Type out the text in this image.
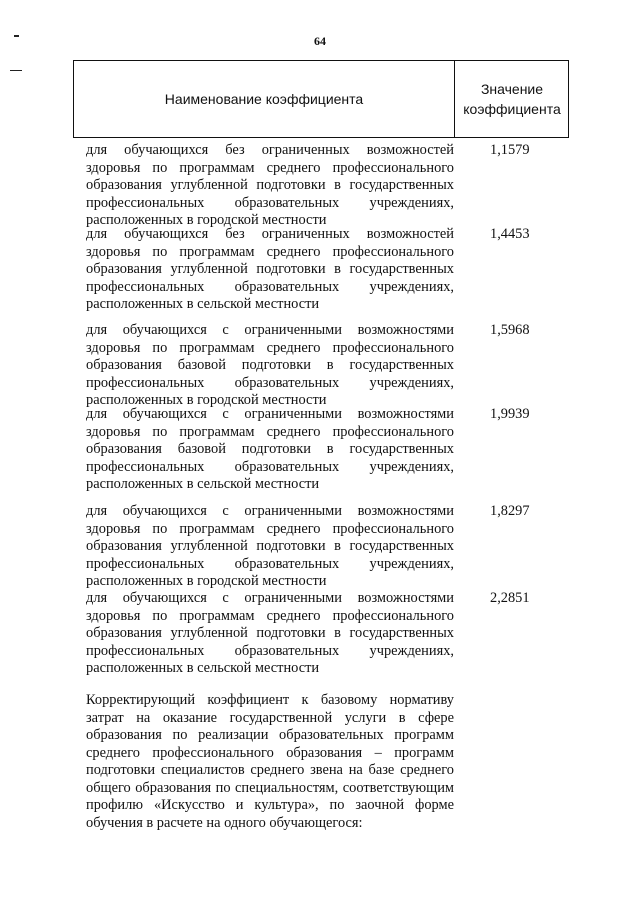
64
Наименование коэффициента
Значение коэффициента
для обучающихся без ограниченных возможностей здоровья по программам среднего профессионального образования углубленной подготовки в государственных профессиональных образовательных учреждениях, расположенных в городской местности
1,1579
для обучающихся без ограниченных возможностей здоровья по программам среднего профессионального образования углубленной подготовки в государственных профессиональных образовательных учреждениях, расположенных в сельской местности
1,4453
для обучающихся с ограниченными возможностями здоровья по программам среднего профессионального образования базовой подготовки в государственных профессиональных образовательных учреждениях, расположенных в городской местности
1,5968
для обучающихся с ограниченными возможностями здоровья по программам среднего профессионального образования базовой подготовки в государственных профессиональных образовательных учреждениях, расположенных в сельской местности
1,9939
для обучающихся с ограниченными возможностями здоровья по программам среднего профессионального образования углубленной подготовки в государственных профессиональных образовательных учреждениях, расположенных в городской местности
1,8297
для обучающихся с ограниченными возможностями здоровья по программам среднего профессионального образования углубленной подготовки в государственных профессиональных образовательных учреждениях, расположенных в сельской местности
2,2851
Корректирующий коэффициент к базовому нормативу затрат на оказание государственной услуги в сфере образования по реализации образовательных программ среднего профессионального образования – программ подготовки специалистов среднего звена на базе среднего общего образования по специальностям, соответствующим профилю «Искусство и культура», по заочной форме обучения в расчете на одного обучающегося:
